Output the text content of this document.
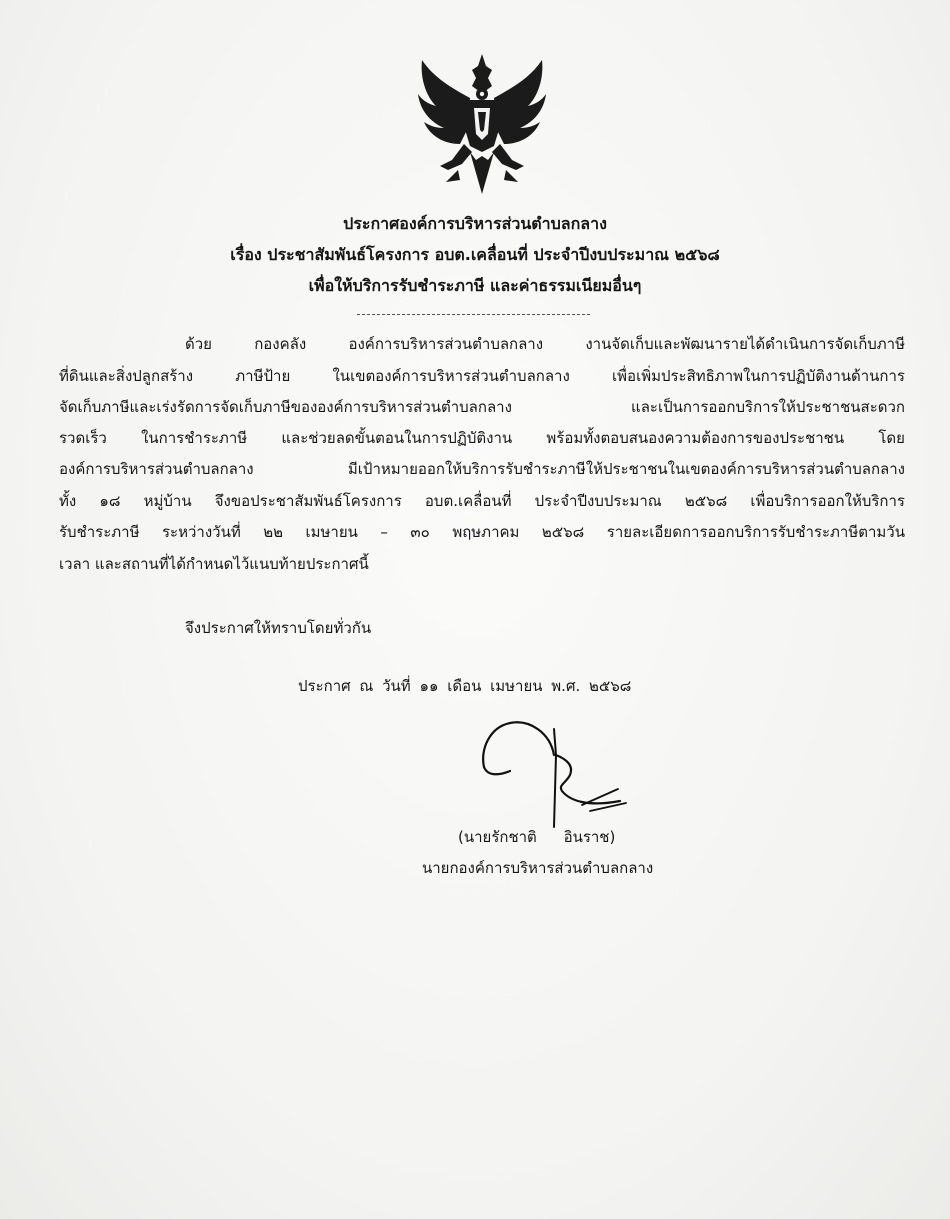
ประกาศองค์การบริหารส่วนตำบลกลาง
เรื่อง ประชาสัมพันธ์โครงการ อบต.เคลื่อนที่ ประจำปีงบประมาณ ๒๕๖๘
เพื่อให้บริการรับชำระภาษี และค่าธรรมเนียมอื่นๆ
ด้วย	กองคลัง	องค์การบริหารส่วนตำบลกลาง	งานจัดเก็บและพัฒนารายได้ดำเนินการจัดเก็บภาษี
ที่ดินและสิ่งปลูกสร้าง	ภาษีป้าย	ในเขตองค์การบริหารส่วนตำบลกลาง	เพื่อเพิ่มประสิทธิภาพในการปฏิบัติงานด้านการ
จัดเก็บภาษีและเร่งรัดการจัดเก็บภาษีขององค์การบริหารส่วนตำบลกลาง	และเป็นการออกบริการให้ประชาชนสะดวก
รวดเร็ว ในการชำระภาษี และช่วยลดขั้นตอนในการปฏิบัติงาน พร้อมทั้งตอบสนองความต้องการของประชาชน โดย
องค์การบริหารส่วนตำบลกลาง	มีเป้าหมายออกให้บริการรับชำระภาษีให้ประชาชนในเขตองค์การบริหารส่วนตำบลกลาง
ทั้ง ๑๘ หมู่บ้าน จึงขอประชาสัมพันธ์โครงการ อบต.เคลื่อนที่ ประจำปีงบประมาณ ๒๕๖๘ เพื่อบริการออกให้บริการ
รับชำระภาษี ระหว่างวันที่ ๒๒ เมษายน – ๓๐ พฤษภาคม ๒๕๖๘ รายละเอียดการออกบริการรับชำระภาษีตามวัน
เวลา และสถานที่ได้กำหนดไว้แนบท้ายประกาศนี้
จึงประกาศให้ทราบโดยทั่วกัน
ประกาศ ณ วันที่ ๑๑ เดือน เมษายน พ.ศ. ๒๕๖๘
(นายรักชาติ อินราช)
นายกองค์การบริหารส่วนตำบลกลาง
